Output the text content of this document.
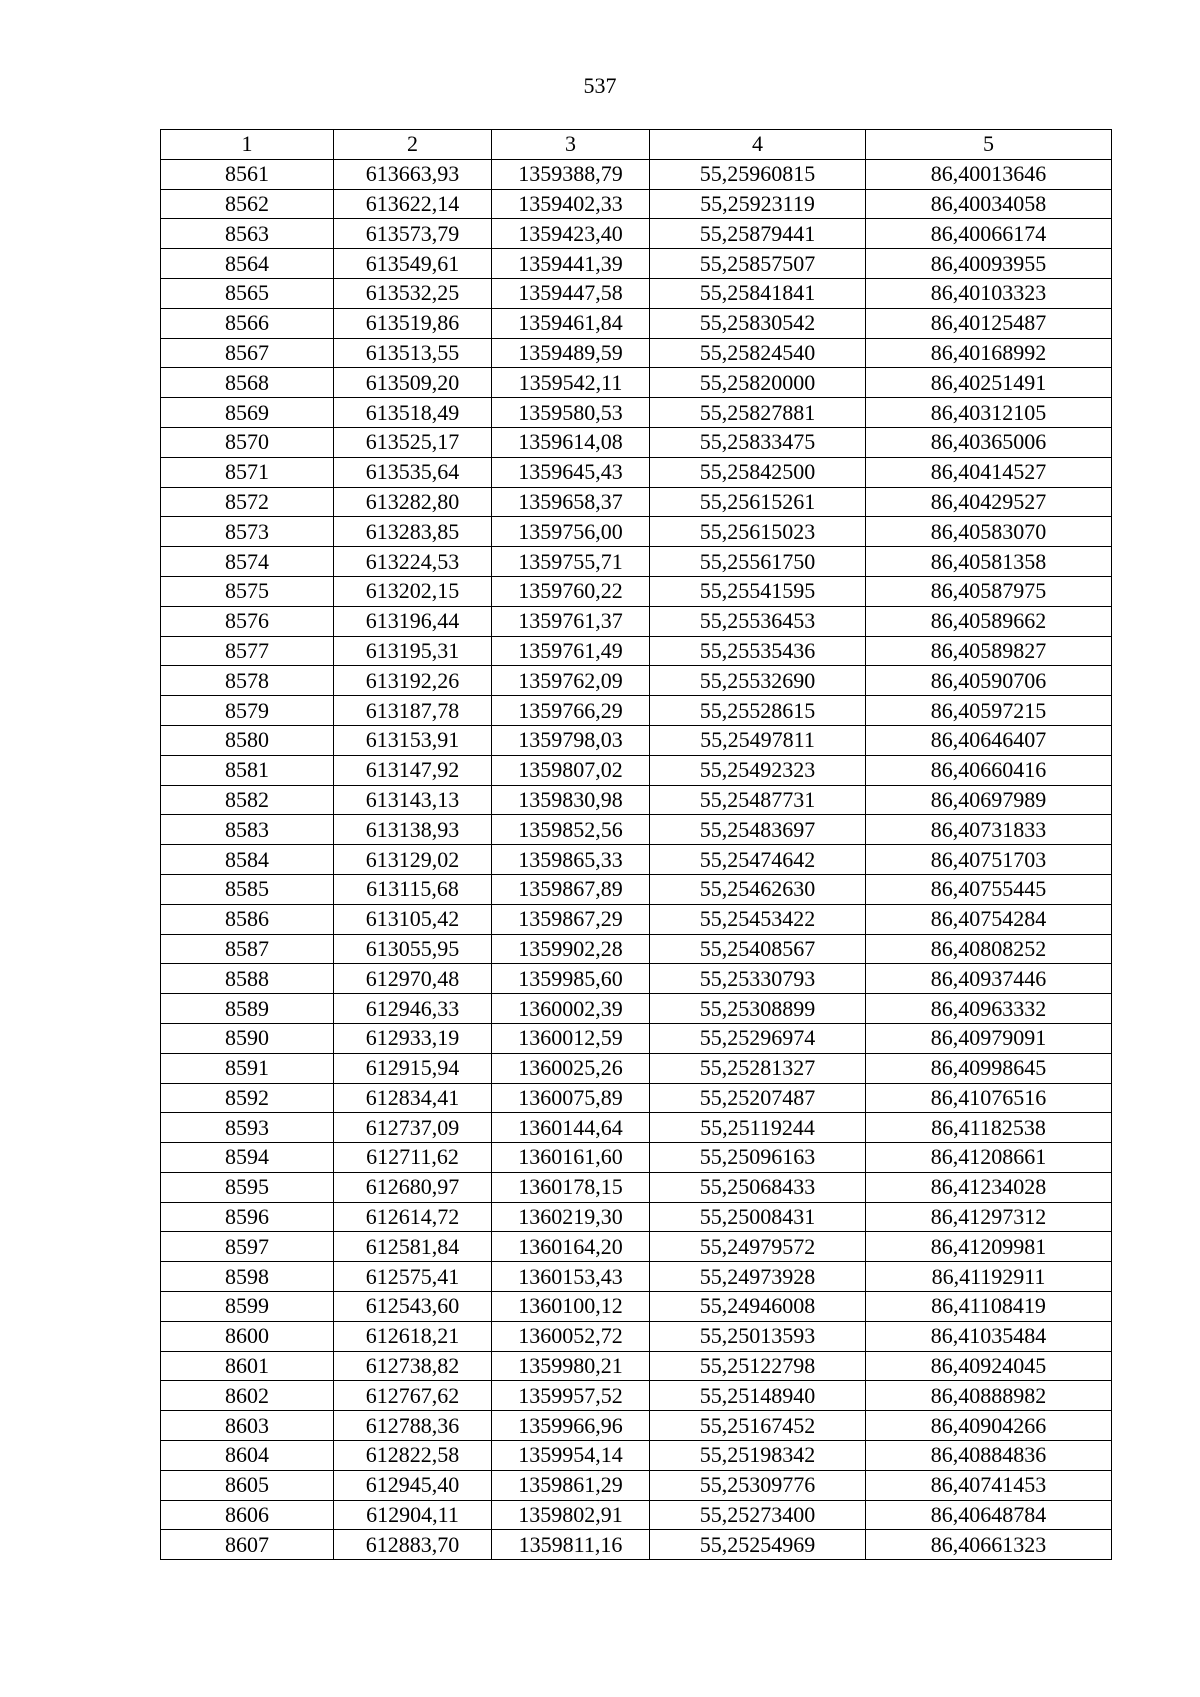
537
1	2	3	4	5
8561	613663,93	1359388,79	55,25960815	86,40013646
8562	613622,14	1359402,33	55,25923119	86,40034058
8563	613573,79	1359423,40	55,25879441	86,40066174
8564	613549,61	1359441,39	55,25857507	86,40093955
8565	613532,25	1359447,58	55,25841841	86,40103323
8566	613519,86	1359461,84	55,25830542	86,40125487
8567	613513,55	1359489,59	55,25824540	86,40168992
8568	613509,20	1359542,11	55,25820000	86,40251491
8569	613518,49	1359580,53	55,25827881	86,40312105
8570	613525,17	1359614,08	55,25833475	86,40365006
8571	613535,64	1359645,43	55,25842500	86,40414527
8572	613282,80	1359658,37	55,25615261	86,40429527
8573	613283,85	1359756,00	55,25615023	86,40583070
8574	613224,53	1359755,71	55,25561750	86,40581358
8575	613202,15	1359760,22	55,25541595	86,40587975
8576	613196,44	1359761,37	55,25536453	86,40589662
8577	613195,31	1359761,49	55,25535436	86,40589827
8578	613192,26	1359762,09	55,25532690	86,40590706
8579	613187,78	1359766,29	55,25528615	86,40597215
8580	613153,91	1359798,03	55,25497811	86,40646407
8581	613147,92	1359807,02	55,25492323	86,40660416
8582	613143,13	1359830,98	55,25487731	86,40697989
8583	613138,93	1359852,56	55,25483697	86,40731833
8584	613129,02	1359865,33	55,25474642	86,40751703
8585	613115,68	1359867,89	55,25462630	86,40755445
8586	613105,42	1359867,29	55,25453422	86,40754284
8587	613055,95	1359902,28	55,25408567	86,40808252
8588	612970,48	1359985,60	55,25330793	86,40937446
8589	612946,33	1360002,39	55,25308899	86,40963332
8590	612933,19	1360012,59	55,25296974	86,40979091
8591	612915,94	1360025,26	55,25281327	86,40998645
8592	612834,41	1360075,89	55,25207487	86,41076516
8593	612737,09	1360144,64	55,25119244	86,41182538
8594	612711,62	1360161,60	55,25096163	86,41208661
8595	612680,97	1360178,15	55,25068433	86,41234028
8596	612614,72	1360219,30	55,25008431	86,41297312
8597	612581,84	1360164,20	55,24979572	86,41209981
8598	612575,41	1360153,43	55,24973928	86,41192911
8599	612543,60	1360100,12	55,24946008	86,41108419
8600	612618,21	1360052,72	55,25013593	86,41035484
8601	612738,82	1359980,21	55,25122798	86,40924045
8602	612767,62	1359957,52	55,25148940	86,40888982
8603	612788,36	1359966,96	55,25167452	86,40904266
8604	612822,58	1359954,14	55,25198342	86,40884836
8605	612945,40	1359861,29	55,25309776	86,40741453
8606	612904,11	1359802,91	55,25273400	86,40648784
8607	612883,70	1359811,16	55,25254969	86,40661323
